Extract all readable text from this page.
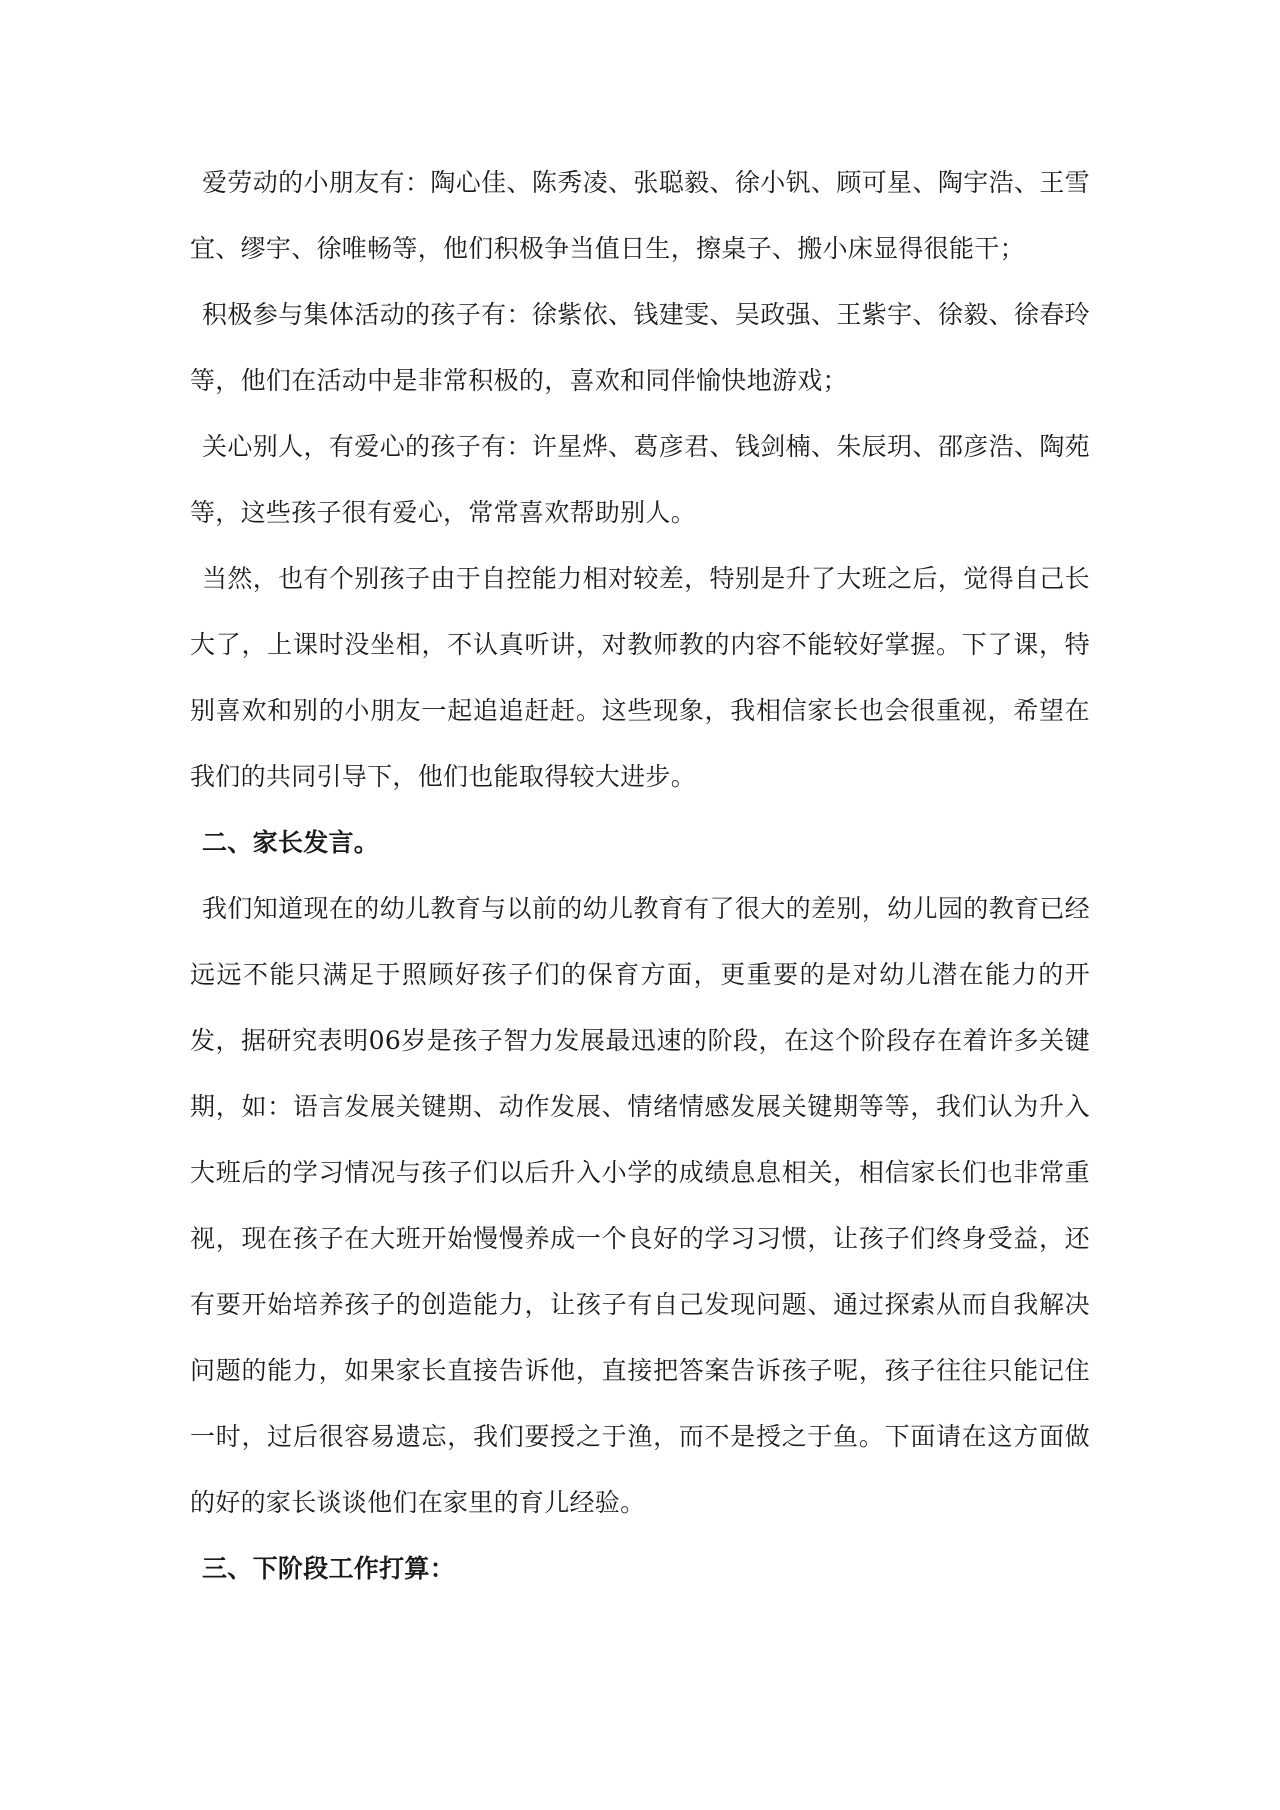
爱劳动的小朋友有：陶心佳、陈秀凌、张聪毅、徐小钒、顾可星、陶宇浩、王雪宜、缪宇、徐唯畅等，他们积极争当值日生，擦桌子、搬小床显得很能干；

积极参与集体活动的孩子有：徐紫依、钱建雯、吴政强、王紫宇、徐毅、徐春玲等，他们在活动中是非常积极的，喜欢和同伴愉快地游戏；

关心别人，有爱心的孩子有：许星烨、葛彦君、钱剑楠、朱辰玥、邵彦浩、陶苑等，这些孩子很有爱心，常常喜欢帮助别人。

当然，也有个别孩子由于自控能力相对较差，特别是升了大班之后，觉得自己长大了，上课时没坐相，不认真听讲，对教师教的内容不能较好掌握。下了课，特别喜欢和别的小朋友一起追追赶赶。这些现象，我相信家长也会很重视，希望在我们的共同引导下，他们也能取得较大进步。

二、家长发言。

我们知道现在的幼儿教育与以前的幼儿教育有了很大的差别，幼儿园的教育已经远远不能只满足于照顾好孩子们的保育方面，更重要的是对幼儿潜在能力的开发，据研究表明06岁是孩子智力发展最迅速的阶段，在这个阶段存在着许多关键期，如：语言发展关键期、动作发展、情绪情感发展关键期等等，我们认为升入大班后的学习情况与孩子们以后升入小学的成绩息息相关，相信家长们也非常重视，现在孩子在大班开始慢慢养成一个良好的学习习惯，让孩子们终身受益，还有要开始培养孩子的创造能力，让孩子有自己发现问题、通过探索从而自我解决问题的能力，如果家长直接告诉他，直接把答案告诉孩子呢，孩子往往只能记住一时，过后很容易遗忘，我们要授之于渔，而不是授之于鱼。下面请在这方面做的好的家长谈谈他们在家里的育儿经验。

三、下阶段工作打算：
